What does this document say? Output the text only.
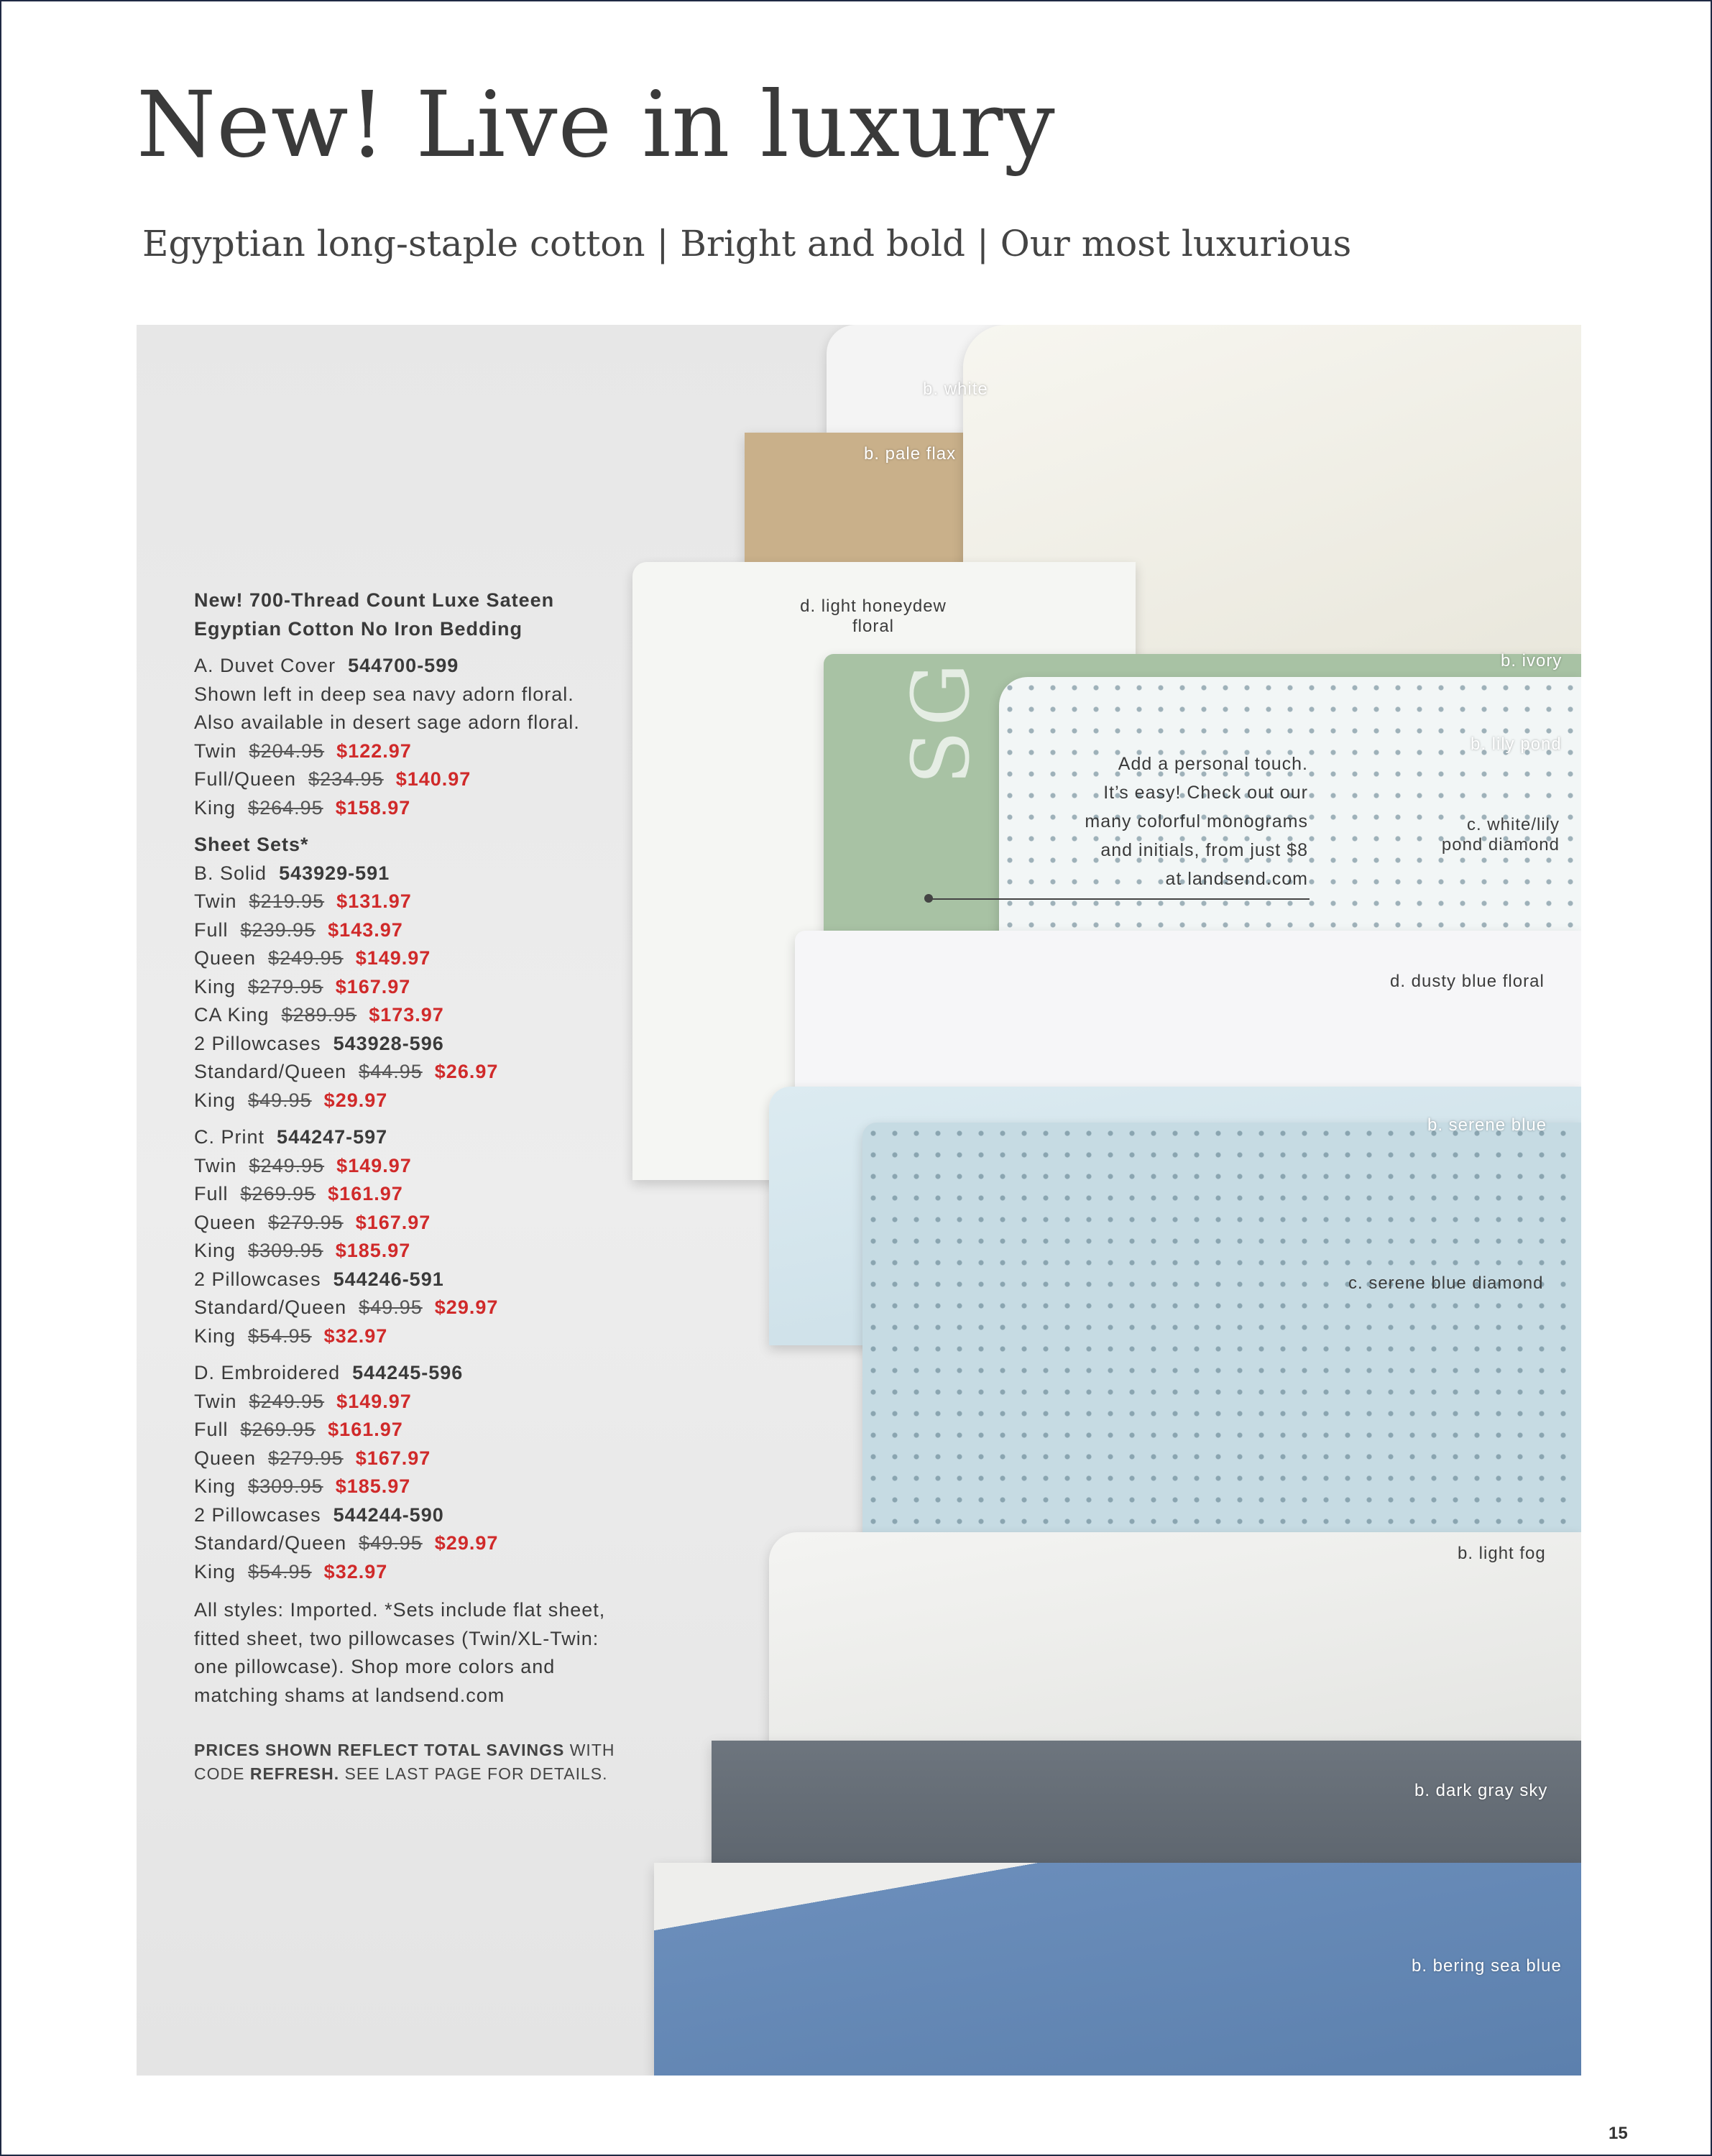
New! Live in luxury
Egyptian long-staple cotton | Bright and bold | Our most luxurious
SG
b. white
b. pale flax
d. light honeydew
floral
b. ivory
b. lily pond
c. white/lily
pond diamond
d. dusty blue floral
b. serene blue
c. serene blue diamond
b. light fog
b. dark gray sky
b. bering sea blue
Add a personal touch.
It’s easy! Check out our
many colorful monograms
and initials, from just $8
at landsend.com
New! 700-Thread Count Luxe Sateen
Egyptian Cotton No Iron Bedding
A. Duvet Cover 544700-599
Shown left in deep sea navy adorn floral.
Also available in desert sage adorn floral.
Twin $204.95 $122.97
Full/Queen $234.95 $140.97
King $264.95 $158.97
Sheet Sets*
B. Solid 543929-591
Twin $219.95 $131.97
Full $239.95 $143.97
Queen $249.95 $149.97
King $279.95 $167.97
CA King $289.95 $173.97
2 Pillowcases 543928-596
Standard/Queen $44.95 $26.97
King $49.95 $29.97
C. Print 544247-597
Twin $249.95 $149.97
Full $269.95 $161.97
Queen $279.95 $167.97
King $309.95 $185.97
2 Pillowcases 544246-591
Standard/Queen $49.95 $29.97
King $54.95 $32.97
D. Embroidered 544245-596
Twin $249.95 $149.97
Full $269.95 $161.97
Queen $279.95 $167.97
King $309.95 $185.97
2 Pillowcases 544244-590
Standard/Queen $49.95 $29.97
King $54.95 $32.97
All styles: Imported. *Sets include flat sheet,
fitted sheet, two pillowcases (Twin/XL-Twin:
one pillowcase). Shop more colors and
matching shams at landsend.com
PRICES SHOWN REFLECT TOTAL SAVINGS WITH
CODE REFRESH. SEE LAST PAGE FOR DETAILS.
15
